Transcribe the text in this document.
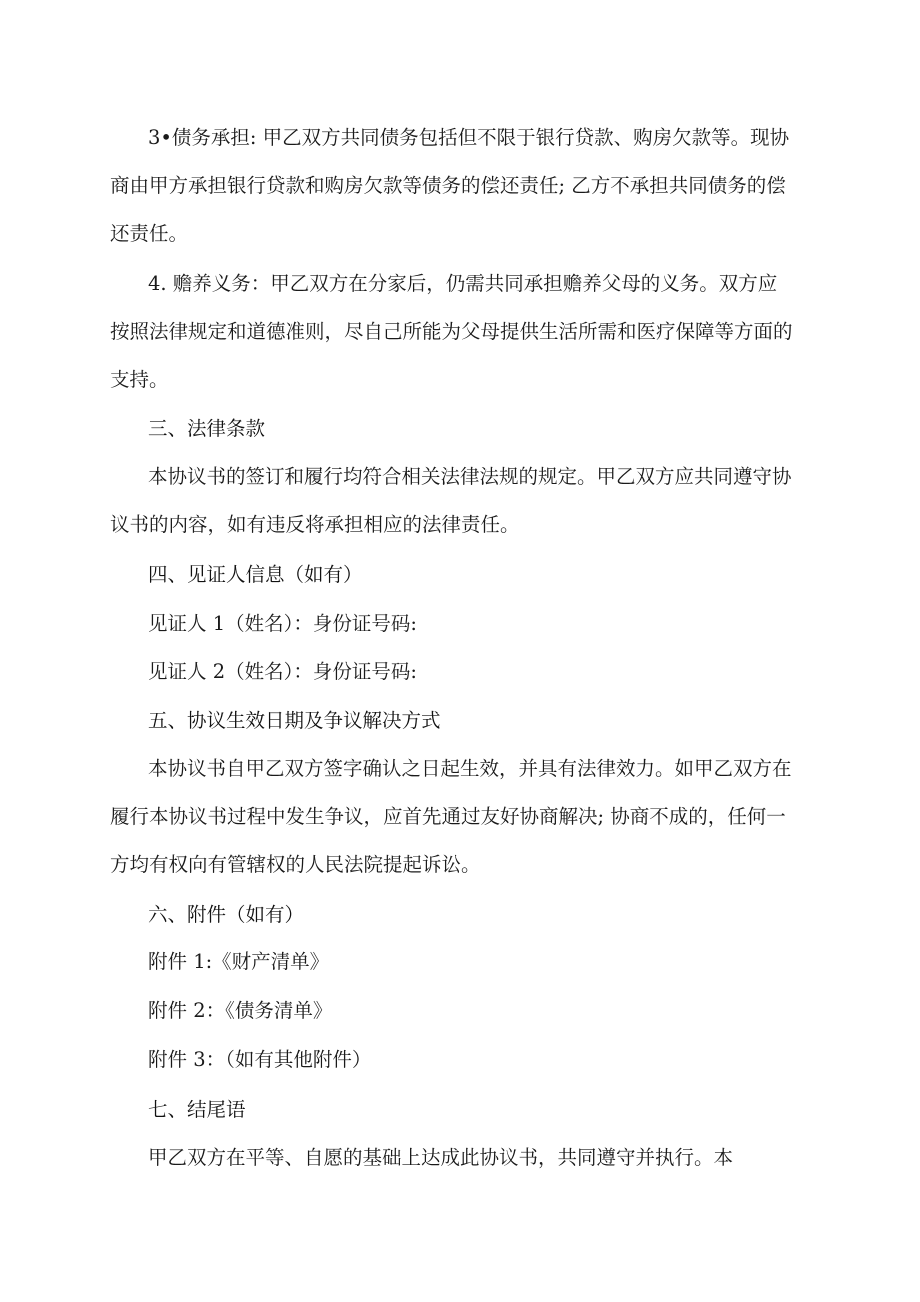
3•债务承担: 甲乙双方共同债务包括但不限于银行贷款、购房欠款等。现协
商由甲方承担银行贷款和购房欠款等债务的偿还责任; 乙方不承担共同债务的偿
还责任。
4. 赡养义务：甲乙双方在分家后，仍需共同承担赡养父母的义务。双方应
按照法律规定和道德准则，尽自己所能为父母提供生活所需和医疗保障等方面的
支持。
三、法律条款
本协议书的签订和履行均符合相关法律法规的规定。甲乙双方应共同遵守协
议书的内容，如有违反将承担相应的法律责任。
四、见证人信息（如有）
见证人 1（姓名）：身份证号码:
见证人 2（姓名）：身份证号码:
五、协议生效日期及争议解决方式
本协议书自甲乙双方签字确认之日起生效，并具有法律效力。如甲乙双方在
履行本协议书过程中发生争议，应首先通过友好协商解决; 协商不成的，任何一
方均有权向有管辖权的人民法院提起诉讼。
六、附件（如有）
附件 1:《财产清单》
附件 2：《债务清单》
附件 3：（如有其他附件）
七、结尾语
甲乙双方在平等、自愿的基础上达成此协议书，共同遵守并执行。本
